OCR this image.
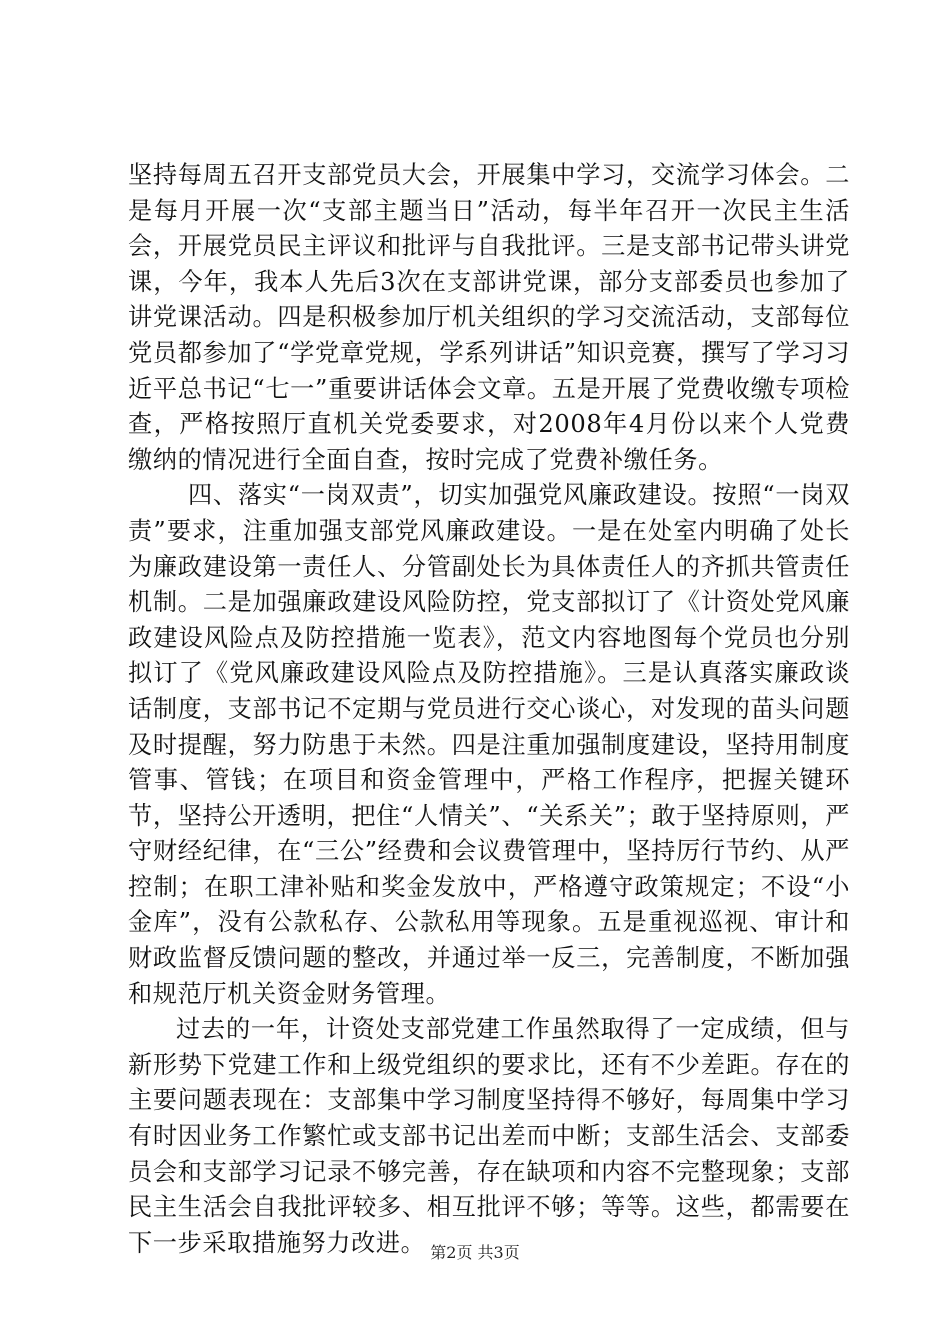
坚持每周五召开支部党员大会，开展集中学习，交流学习体会。二是每月开展一次“支部主题当日”活动，每半年召开一次民主生活会，开展党员民主评议和批评与自我批评。三是支部书记带头讲党课，今年，我本人先后3次在支部讲党课，部分支部委员也参加了讲党课活动。四是积极参加厅机关组织的学习交流活动，支部每位党员都参加了“学党章党规，学系列讲话”知识竞赛，撰写了学习习近平总书记“七一”重要讲话体会文章。五是开展了党费收缴专项检查，严格按照厅直机关党委要求，对2008年4月份以来个人党费缴纳的情况进行全面自查，按时完成了党费补缴任务。

四、落实“一岗双责”，切实加强党风廉政建设。按照“一岗双责”要求，注重加强支部党风廉政建设。一是在处室内明确了处长为廉政建设第一责任人、分管副处长为具体责任人的齐抓共管责任机制。二是加强廉政建设风险防控，党支部拟订了《计资处党风廉政建设风险点及防控措施一览表》，范文内容地图每个党员也分别拟订了《党风廉政建设风险点及防控措施》。三是认真落实廉政谈话制度，支部书记不定期与党员进行交心谈心，对发现的苗头问题及时提醒，努力防患于未然。四是注重加强制度建设，坚持用制度管事、管钱；在项目和资金管理中，严格工作程序，把握关键环节，坚持公开透明，把住“人情关”、“关系关”；敢于坚持原则，严守财经纪律，在“三公”经费和会议费管理中，坚持厉行节约、从严控制；在职工津补贴和奖金发放中，严格遵守政策规定；不设“小金库”，没有公款私存、公款私用等现象。五是重视巡视、审计和财政监督反馈问题的整改，并通过举一反三，完善制度，不断加强和规范厅机关资金财务管理。

过去的一年，计资处支部党建工作虽然取得了一定成绩，但与新形势下党建工作和上级党组织的要求比，还有不少差距。存在的主要问题表现在：支部集中学习制度坚持得不够好，每周集中学习有时因业务工作繁忙或支部书记出差而中断；支部生活会、支部委员会和支部学习记录不够完善，存在缺项和内容不完整现象；支部民主生活会自我批评较多、相互批评不够；等等。这些，都需要在下一步采取措施努力改进。 第2页 共3页
